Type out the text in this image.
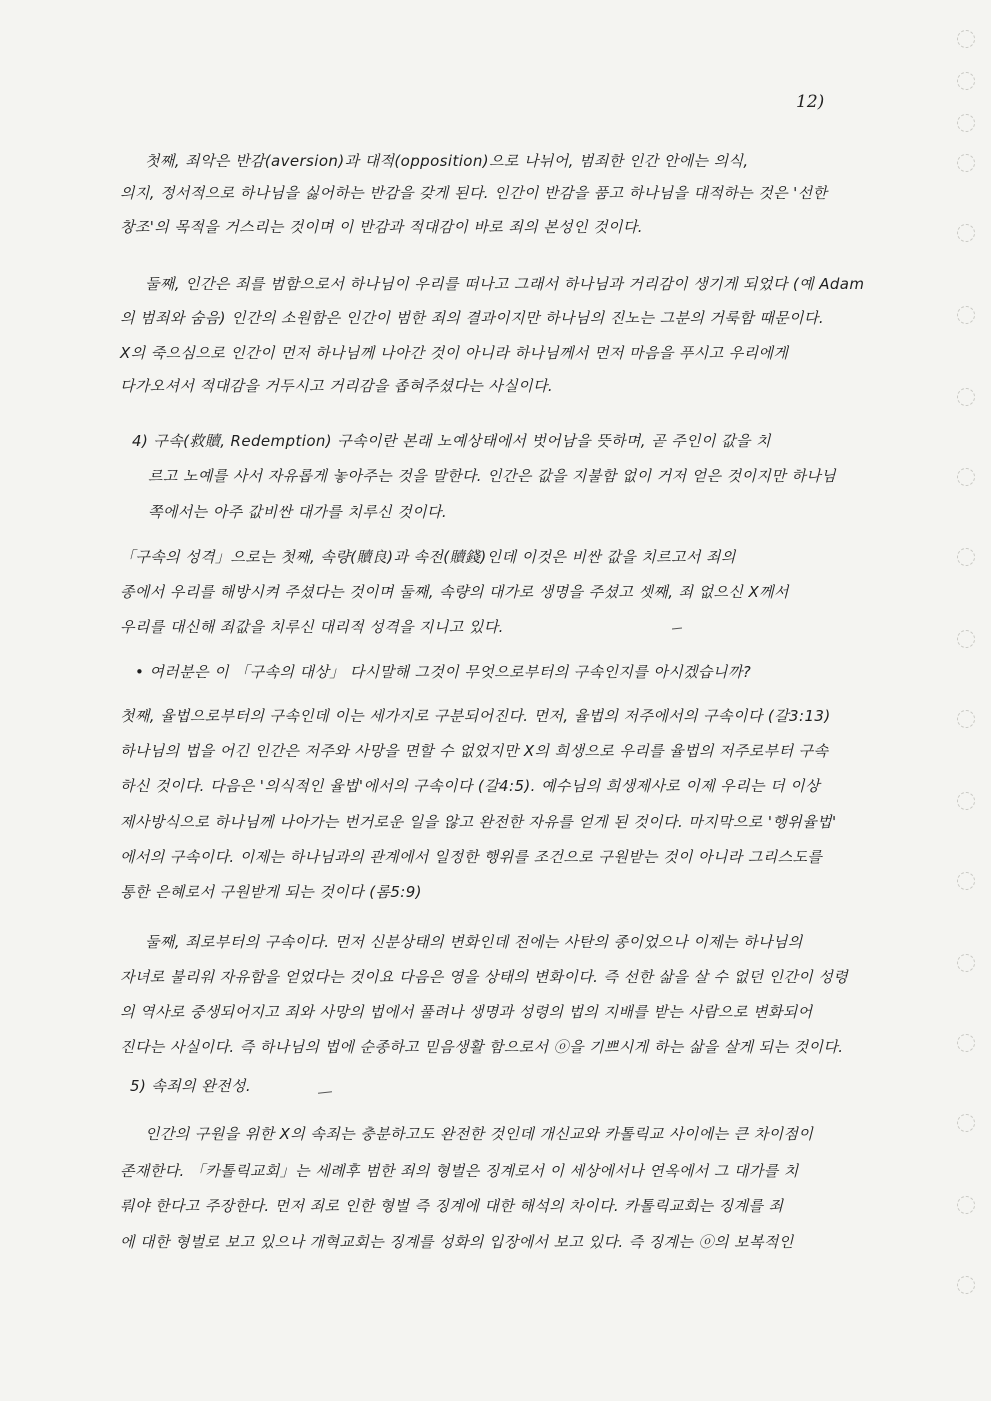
12)
첫째, 죄악은 반감(aversion)과 대적(opposition)으로 나뉘어, 범죄한 인간 안에는 의식,
의지, 정서적으로 하나님을 싫어하는 반감을 갖게 된다. 인간이 반감을 품고 하나님을 대적하는 것은 '선한
창조'의 목적을 거스리는 것이며 이 반감과 적대감이 바로 죄의 본성인 것이다.
둘째, 인간은 죄를 범함으로서 하나님이 우리를 떠나고 그래서 하나님과 거리감이 생기게 되었다 (예 Adam
의 범죄와 숨음) 인간의 소원함은 인간이 범한 죄의 결과이지만 하나님의 진노는 그분의 거룩함 때문이다.
X의 죽으심으로 인간이 먼저 하나님께 나아간 것이 아니라 하나님께서 먼저 마음을 푸시고 우리에게
다가오셔서 적대감을 거두시고 거리감을 좁혀주셨다는 사실이다.
4) 구속(救贖, Redemption) 구속이란 본래 노예상태에서 벗어남을 뜻하며, 곧 주인이 값을 치
르고 노예를 사서 자유롭게 놓아주는 것을 말한다. 인간은 값을 지불함 없이 거저 얻은 것이지만 하나님
쪽에서는 아주 값비싼 대가를 치루신 것이다.
「구속의 성격」으로는 첫째, 속량(贖良)과 속전(贖錢)인데 이것은 비싼 값을 치르고서 죄의
종에서 우리를 해방시켜 주셨다는 것이며 둘째, 속량의 대가로 생명을 주셨고 셋째, 죄 없으신 X께서
우리를 대신해 죄값을 치루신 대리적 성격을 지니고 있다.
• 여러분은 이 「구속의 대상」 다시말해 그것이 무엇으로부터의 구속인지를 아시겠습니까?
첫째, 율법으로부터의 구속인데 이는 세가지로 구분되어진다. 먼저, 율법의 저주에서의 구속이다 (갈3:13)
하나님의 법을 어긴 인간은 저주와 사망을 면할 수 없었지만 X의 희생으로 우리를 율법의 저주로부터 구속
하신 것이다. 다음은 '의식적인 율법'에서의 구속이다 (갈4:5). 예수님의 희생제사로 이제 우리는 더 이상
제사방식으로 하나님께 나아가는 번거로운 일을 않고 완전한 자유를 얻게 된 것이다. 마지막으로 '행위율법'
에서의 구속이다. 이제는 하나님과의 관계에서 일정한 행위를 조건으로 구원받는 것이 아니라 그리스도를
통한 은혜로서 구원받게 되는 것이다 (롬5:9)
둘째, 죄로부터의 구속이다. 먼저 신분상태의 변화인데 전에는 사탄의 종이었으나 이제는 하나님의
자녀로 불리워 자유함을 얻었다는 것이요 다음은 영을 상태의 변화이다. 즉 선한 삶을 살 수 없던 인간이 성령
의 역사로 중생되어지고 죄와 사망의 법에서 풀려나 생명과 성령의 법의 지배를 받는 사람으로 변화되어
진다는 사실이다. 즉 하나님의 법에 순종하고 믿음생활 함으로서 ⓞ을 기쁘시게 하는 삶을 살게 되는 것이다.
5) 속죄의 완전성.
인간의 구원을 위한 X의 속죄는 충분하고도 완전한 것인데 개신교와 카톨릭교 사이에는 큰 차이점이
존재한다. 「카톨릭교회」는 세례후 범한 죄의 형벌은 징계로서 이 세상에서나 연옥에서 그 대가를 치
뤄야 한다고 주장한다. 먼저 죄로 인한 형벌 즉 징계에 대한 해석의 차이다. 카톨릭교회는 징계를 죄
에 대한 형벌로 보고 있으나 개혁교회는 징계를 성화의 입장에서 보고 있다. 즉 징계는 ⓞ의 보복적인
